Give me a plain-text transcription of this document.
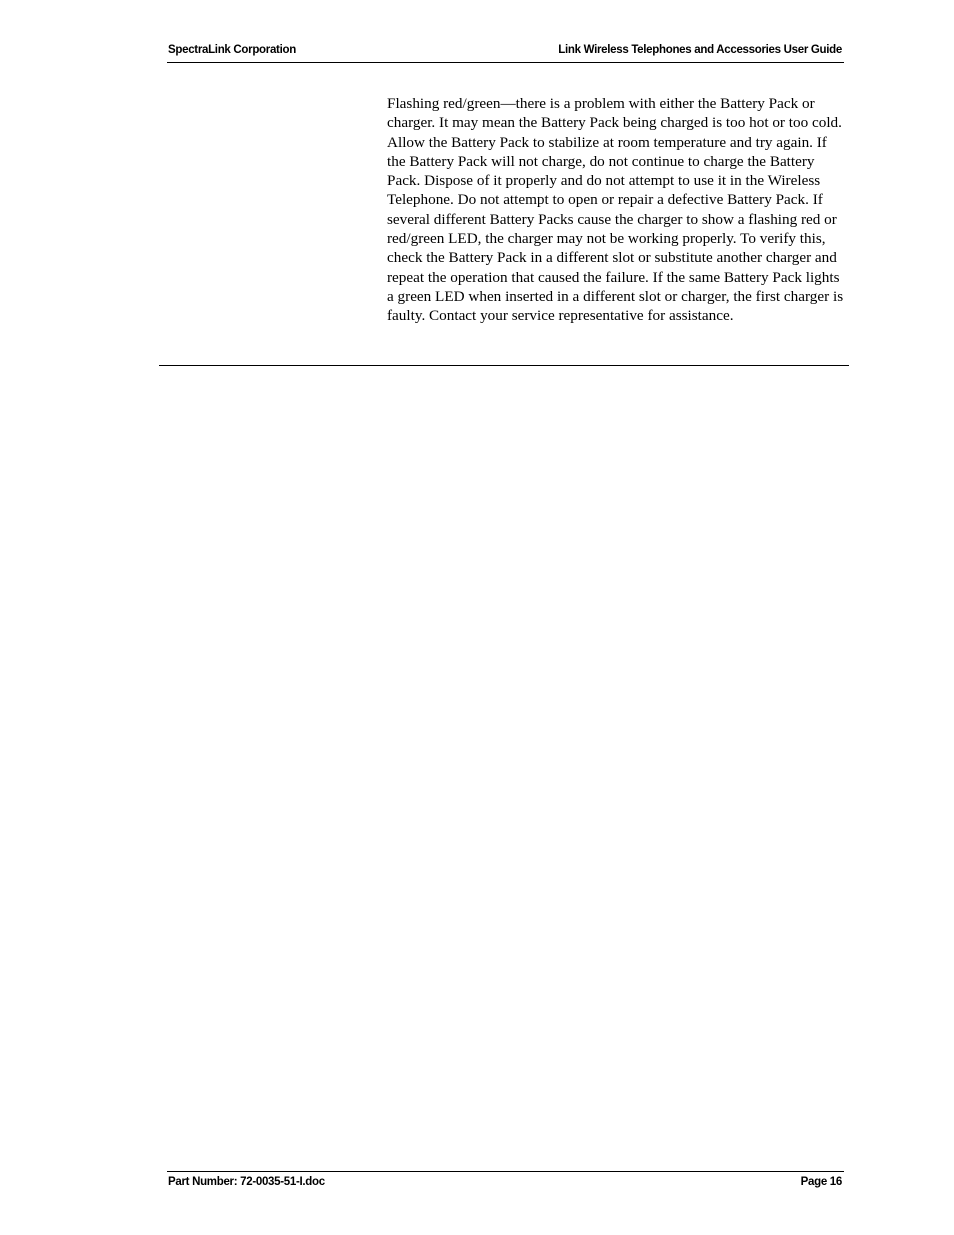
SpectraLink Corporation	Link Wireless Telephones and Accessories User Guide

Flashing red/green—there is a problem with either the Battery Pack or charger. It may mean the Battery Pack being charged is too hot or too cold. Allow the Battery Pack to stabilize at room temperature and try again. If the Battery Pack will not charge, do not continue to charge the Battery Pack. Dispose of it properly and do not attempt to use it in the Wireless Telephone. Do not attempt to open or repair a defective Battery Pack. If several different Battery Packs cause the charger to show a flashing red or red/green LED, the charger may not be working properly. To verify this, check the Battery Pack in a different slot or substitute another charger and repeat the operation that caused the failure. If the same Battery Pack lights a green LED when inserted in a different slot or charger, the first charger is faulty. Contact your service representative for assistance.

Part Number: 72-0035-51-I.doc	Page 16
